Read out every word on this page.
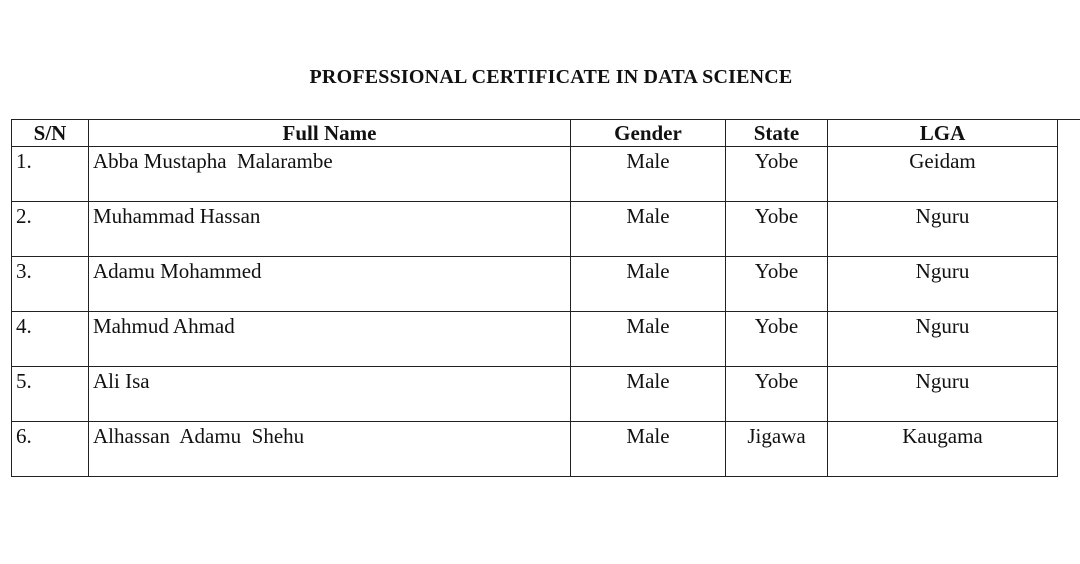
PROFESSIONAL CERTIFICATE IN DATA SCIENCE
S/N	Full Name	Gender	State	LGA
1.	Abba Mustapha  Malarambe	Male	Yobe	Geidam
2.	Muhammad Hassan	Male	Yobe	Nguru
3.	Adamu Mohammed	Male	Yobe	Nguru
4.	Mahmud Ahmad	Male	Yobe	Nguru
5.	Ali Isa	Male	Yobe	Nguru
6.	Alhassan  Adamu  Shehu	Male	Jigawa	Kaugama
